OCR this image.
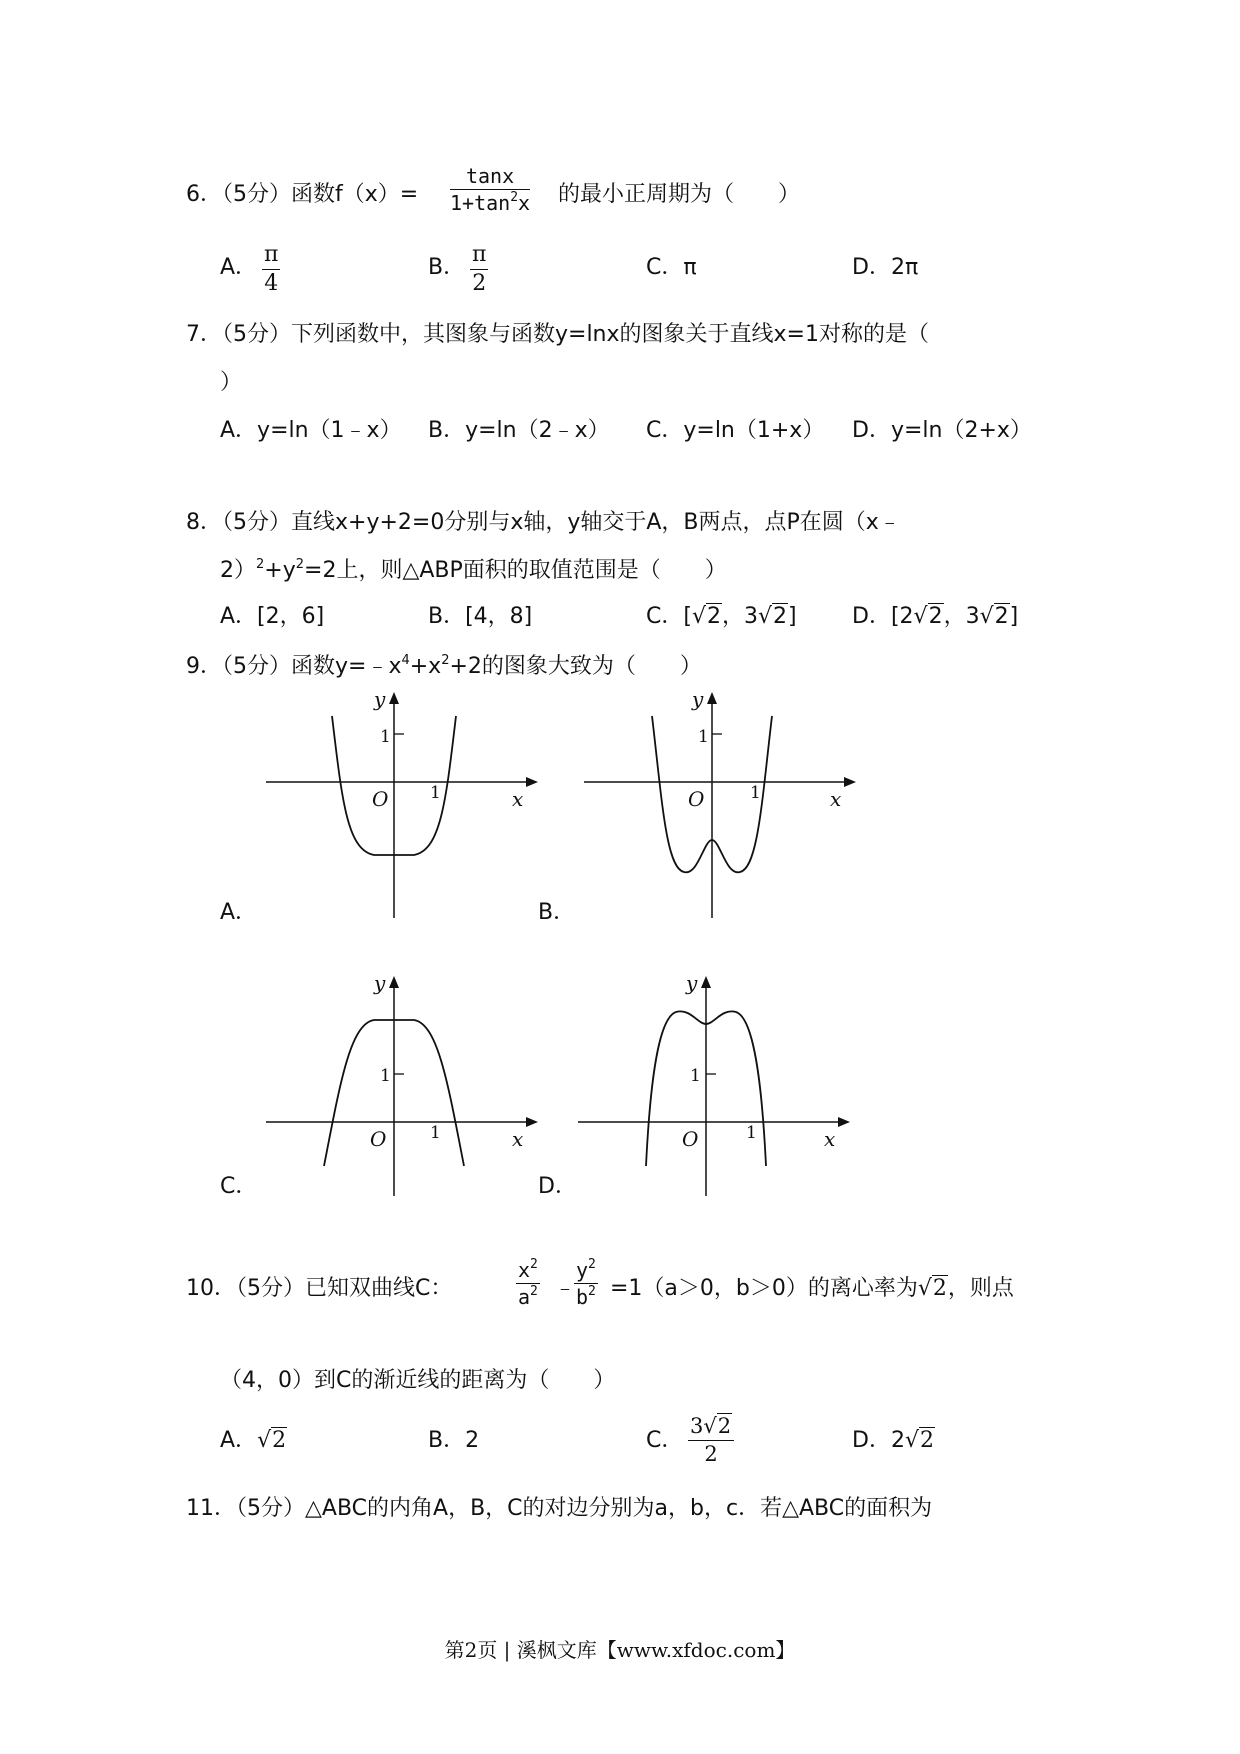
6．（5分）函数$f(x)= \frac{\tan x}{1+\tan^2x}$ 的最小正周期为（　　）
A． $\frac{\pi}{4}$	B． $\frac{\pi}{2}$	C．π	D．2π
7．（5分）下列函数中，其图象与函数y=lnx的图象关于直线x=1对称的是（
）
A．y=ln（1﹣x） B．y=ln（2﹣x） C．y=ln（1+x） D．y=ln（2+x）
8．（5分）直线x+y+2=0分别与x轴，y轴交于A，B两点，点P在圆（x﹣
$2)^2+y^2=2$上，则△ABP面积的取值范围是（　　）
A．[2，6]	B．[4，8]	C．[√2，3√2]	D．[2√2，3√2]
9．（5分）函数$y=﹣x^4+x^2+2$的图象大致为（　　）
y
1
O 1	x
A．
y
1
O	1	x
B．
y
1
O	1	x
C．
y
1
O	1	x
D．
10．（5分）已知双曲线C：	$\frac{x^2}{a^2}$ ﹣
$\frac{y^2}{b^2} =1(a>0$，b＞0）的离心率为√2，则点
（4，0）到C的渐近线的距离为（　　）
A．√2	B．2	C． $\frac{3√2}{2}$	D．2√2
11．（5分）△ABC的内角A，B，C的对边分别为a，b，c．若△ABC的面积为
第2页 | 溪枫文库【www.xfdoc.com】
